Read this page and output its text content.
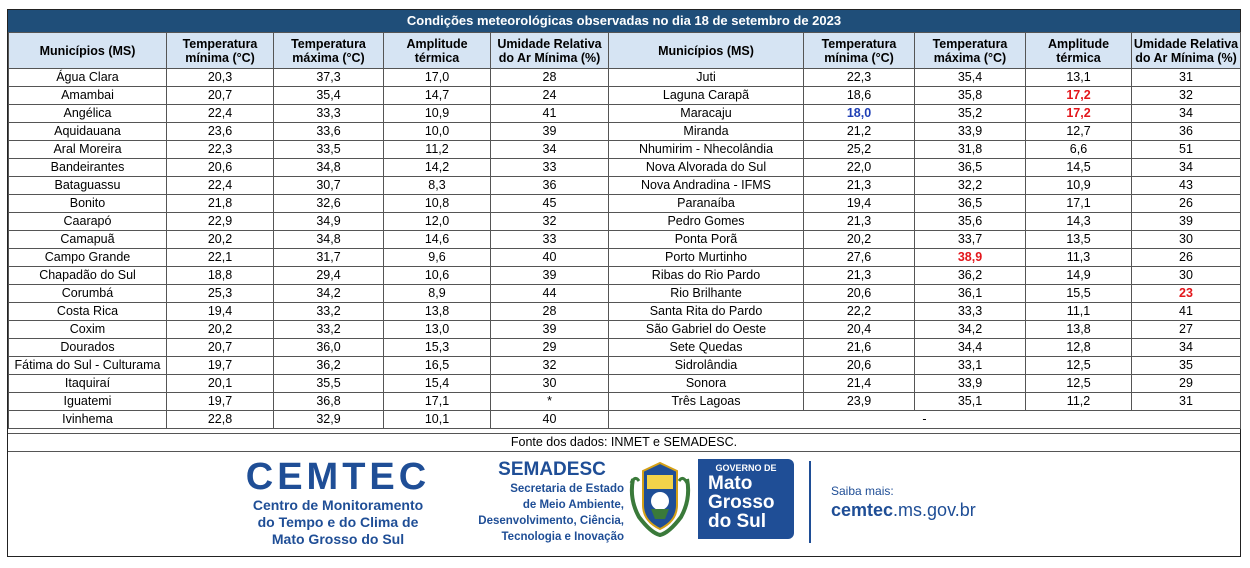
Condições meteorológicas observadas no dia 18 de setembro de 2023
Municípios (MS)	Temperatura mínima (°C)	Temperatura máxima (°C)	Amplitude térmica	Umidade Relativa do Ar Mínima (%)	Municípios (MS)	Temperatura mínima (°C)	Temperatura máxima (°C)	Amplitude térmica	Umidade Relativa do Ar Mínima (%)
Água Clara	20,3	37,3	17,0	28	Juti	22,3	35,4	13,1	31
Amambai	20,7	35,4	14,7	24	Laguna Carapã	18,6	35,8	17,2	32
Angélica	22,4	33,3	10,9	41	Maracaju	18,0	35,2	17,2	34
Aquidauana	23,6	33,6	10,0	39	Miranda	21,2	33,9	12,7	36
Aral Moreira	22,3	33,5	11,2	34	Nhumirim - Nhecolândia	25,2	31,8	6,6	51
Bandeirantes	20,6	34,8	14,2	33	Nova Alvorada do Sul	22,0	36,5	14,5	34
Bataguassu	22,4	30,7	8,3	36	Nova Andradina - IFMS	21,3	32,2	10,9	43
Bonito	21,8	32,6	10,8	45	Paranaíba	19,4	36,5	17,1	26
Caarapó	22,9	34,9	12,0	32	Pedro Gomes	21,3	35,6	14,3	39
Camapuã	20,2	34,8	14,6	33	Ponta Porã	20,2	33,7	13,5	30
Campo Grande	22,1	31,7	9,6	40	Porto Murtinho	27,6	38,9	11,3	26
Chapadão do Sul	18,8	29,4	10,6	39	Ribas do Rio Pardo	21,3	36,2	14,9	30
Corumbá	25,3	34,2	8,9	44	Rio Brilhante	20,6	36,1	15,5	23
Costa Rica	19,4	33,2	13,8	28	Santa Rita do Pardo	22,2	33,3	11,1	41
Coxim	20,2	33,2	13,0	39	São Gabriel do Oeste	20,4	34,2	13,8	27
Dourados	20,7	36,0	15,3	29	Sete Quedas	21,6	34,4	12,8	34
Fátima do Sul - Culturama	19,7	36,2	16,5	32	Sidrolândia	20,6	33,1	12,5	35
Itaquiraí	20,1	35,5	15,4	30	Sonora	21,4	33,9	12,5	29
Iguatemi	19,7	36,8	17,1	*	Três Lagoas	23,9	35,1	11,2	31
Ivinhema	22,8	32,9	10,1	40	-				
Fonte dos dados: INMET e SEMADESC.
CEMTEC
Centro de Monitoramento
do Tempo e do Clima de
Mato Grosso do Sul
SEMADESC
Secretaria de Estado
de Meio Ambiente,
Desenvolvimento, Ciência,
Tecnologia e Inovação
GOVERNO DE
Mato
Grosso
do Sul
Saiba mais:
cemtec.ms.gov.br
